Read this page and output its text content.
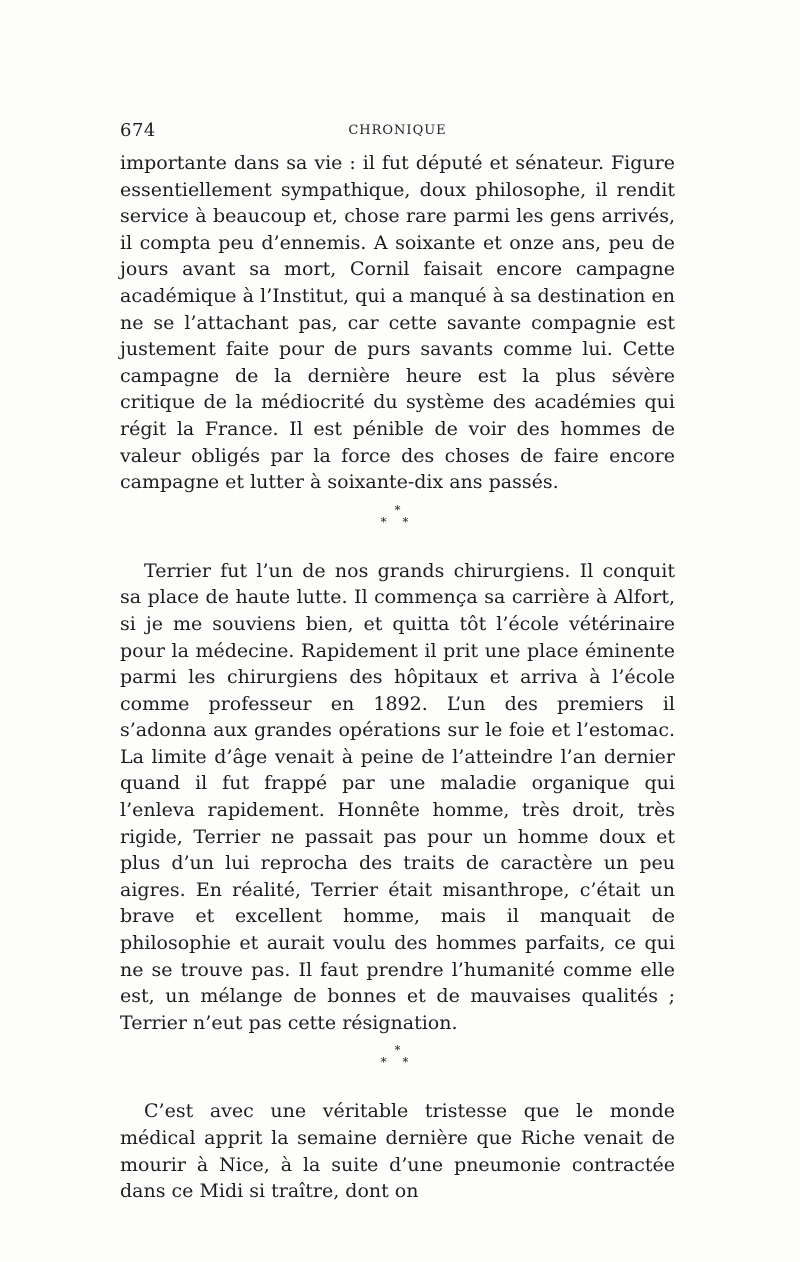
674	CHRONIQUE

importante dans sa vie : il fut député et sénateur. Figure essentiellement sympathique, doux philosophe, il rendit service à beaucoup et, chose rare parmi les gens arrivés, il compta peu d’ennemis. A soixante et onze ans, peu de jours avant sa mort, Cornil faisait encore campagne académique à l’Institut, qui a manqué à sa destination en ne se l’attachant pas, car cette savante compagnie est justement faite pour de purs savants comme lui. Cette campagne de la dernière heure est la plus sévère critique de la médiocrité du système des académies qui régit la France. Il est pénible de voir des hommes de valeur obligés par la force des choses de faire encore campagne et lutter à soixante-dix ans passés.

*
* *

Terrier fut l’un de nos grands chirurgiens. Il conquit sa place de haute lutte. Il commença sa carrière à Alfort, si je me souviens bien, et quitta tôt l’école vétérinaire pour la médecine. Rapidement il prit une place éminente parmi les chirurgiens des hôpitaux et arriva à l’école comme professeur en 1892. L’un des premiers il s’adonna aux grandes opérations sur le foie et l’estomac. La limite d’âge venait à peine de l’atteindre l’an dernier quand il fut frappé par une maladie organique qui l’enleva rapidement. Honnête homme, très droit, très rigide, Terrier ne passait pas pour un homme doux et plus d’un lui reprocha des traits de caractère un peu aigres. En réalité, Terrier était misanthrope, c’était un brave et excellent homme, mais il manquait de philosophie et aurait voulu des hommes parfaits, ce qui ne se trouve pas. Il faut prendre l’humanité comme elle est, un mélange de bonnes et de mauvaises qualités ; Terrier n’eut pas cette résignation.

*
* *

C’est avec une véritable tristesse que le monde médical apprit la semaine dernière que Riche venait de mourir à Nice, à la suite d’une pneumonie contractée dans ce Midi si traître, dont on
